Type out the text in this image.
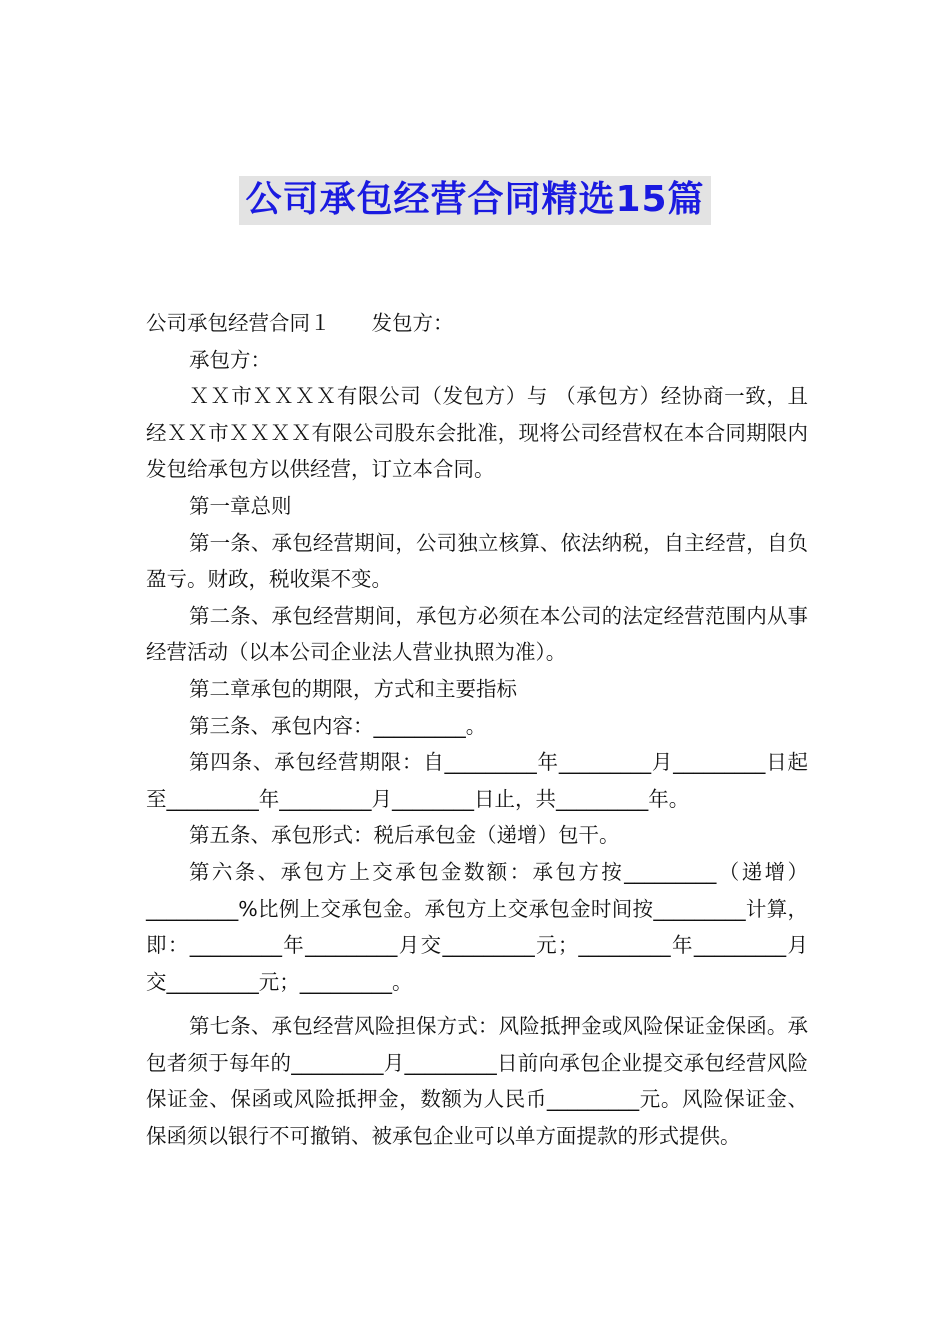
公司承包经营合同精选15篇

公司承包经营合同１　　发包方：

承包方：

ＸＸ市ＸＸＸＸ有限公司（发包方）与 （承包方）经协商一致，且经ＸＸ市ＸＸＸＸ有限公司股东会批准，现将公司经营权在本合同期限内发包给承包方以供经营，订立本合同。

第一章总则

第一条、承包经营期间，公司独立核算、依法纳税，自主经营，自负盈亏。财政，税收渠不变。

第二条、承包经营期间，承包方必须在本公司的法定经营范围内从事经营活动（以本公司企业法人营业执照为准）。

第二章承包的期限，方式和主要指标

第三条、承包内容：_________。

第四条、承包经营期限：自_________年_________月_________日起至_________年_________月________日止，共_________年。

第五条、承包形式：税后承包金（递增）包干。

第六条、承包方上交承包金数额：承包方按_________（递增）_________%比例上交承包金。承包方上交承包金时间按_________计算，即：_________年_________月交_________元；_________年_________月交_________元；_________。

第七条、承包经营风险担保方式：风险抵押金或风险保证金保函。承包者须于每年的_________月_________日前向承包企业提交承包经营风险保证金、保函或风险抵押金，数额为人民币_________元。风险保证金、保函须以银行不可撤销、被承包企业可以单方面提款的形式提供。
